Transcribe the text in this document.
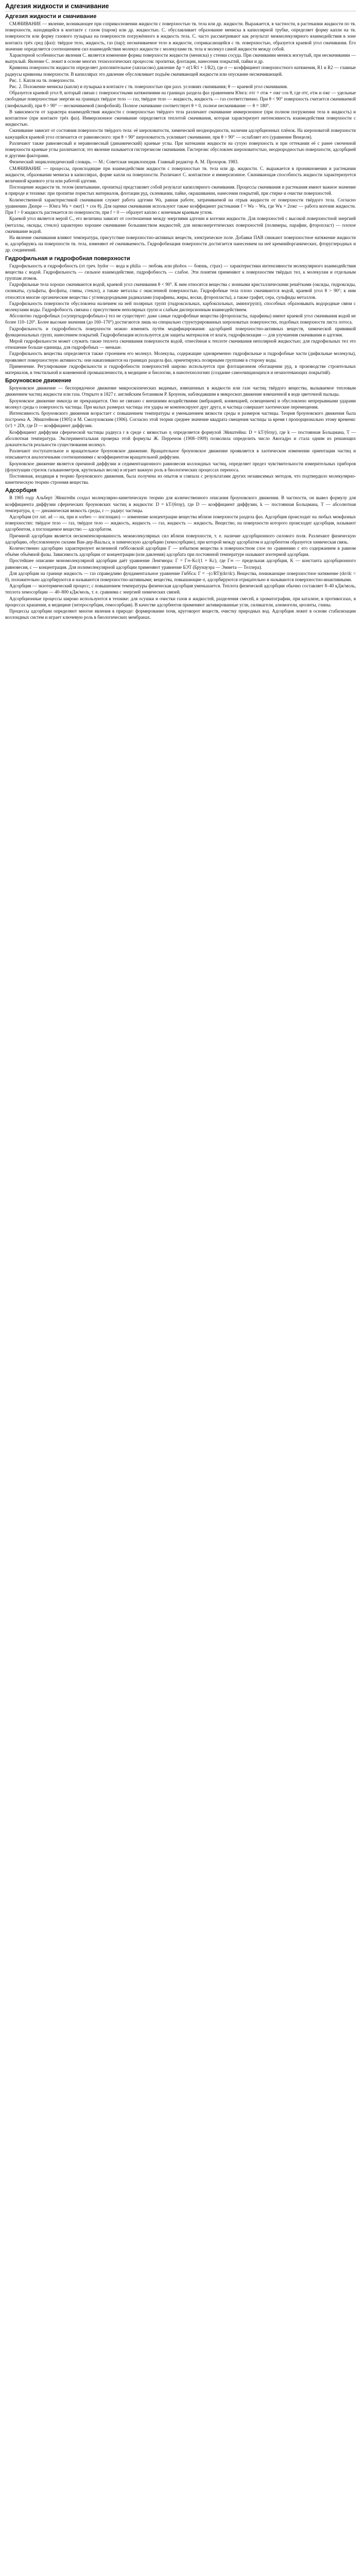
Адгезия жидкости и смачивание
Адгезия жидкости и смачивание

СМАЧИВАНИЕ — явление, возникающее при соприкосновении жидкости с поверхностью тв. тела или др. жидкости. Выражается, в частности, в растекании жидкости по тв. поверхности, находящейся в контакте с газом (паром) или др. жидкостью. С. обуславливает образование мениска в капиллярной трубке, определяет форму капли на тв. поверхности или форму газового пузырька на поверхности погружённого в жидкость тела. С. часто рассматривают как результат межмолекулярного взаимодействия в зоне контакта трёх сред (фаз): твёрдое тело, жидкость, газ (пар); несмачиваемое тело в жидкости, соприкасающейся с тв. поверхностью, образуется краевой угол смачивания. Его значение определяется соотношением сил взаимодействия молекул жидкости с молекулами тв. тела и молекул самой жидкости между собой.

Характерной особенностью явления С. является изменение формы поверхности жидкости (мениска) у стенки сосуда. При смачивании мениск вогнутый, при несмачивании — выпуклый. Явление С. лежит в основе многих технологических процессов: пропитки, флотации, нанесения покрытий, пайки и др.

Кривизна поверхности жидкости определяет дополнительное (лапласово) давление Δp = σ(1/R1 + 1/R2), где σ — коэффициент поверхностного натяжения, R1 и R2 — главные радиусы кривизны поверхности. В капиллярах это давление обусловливает подъём смачивающей жидкости или опускание несмачивающей.

Рис. 1. Капля на тв. поверхности.

Рис. 2. Положение мениска (капли) и пузырька в контакте с тв. поверхностью при разл. условиях смачивания; θ — краевой угол смачивания.

Образуется краевой угол θ, который связан с поверхностными натяжениями на границах раздела фаз уравнением Юнга: σтг = σтж + σжг·cos θ, где σтг, σтж и σжг — удельные свободные поверхностные энергии на границах твёрдое тело — газ, твёрдое тело — жидкость, жидкость — газ соответственно. При θ < 90° поверхность считается смачиваемой (лиофильной), при θ > 90° — несмачиваемой (лиофобной). Полное смачивание соответствует θ = 0, полное несмачивание — θ = 180°.

В зависимости от характера взаимодействия жидкости с поверхностью твёрдого тела различают смачивание иммерсионное (при полном погружении тела в жидкость) и контактное (при контакте трёх фаз). Иммерсионное смачивание определяется теплотой смачивания, которая характеризует интенсивность взаимодействия поверхности с жидкостью.

Смачивание зависит от состояния поверхности твёрдого тела: её шероховатости, химической неоднородности, наличия адсорбционных плёнок. На шероховатой поверхности кажущийся краевой угол отличается от равновесного: при θ < 90° шероховатость усиливает смачивание, при θ > 90° — ослабляет его (уравнение Венцеля).

Различают также равновесный и неравновесный (динамический) краевые углы. При натекании жидкости на сухую поверхность и при оттекании её с ранее смоченной поверхности краевые углы различаются; это явление называется гистерезисом смачивания. Гистерезис обусловлен шероховатостью, неоднородностью поверхности, адсорбцией и другими факторами.

Физический энциклопедический словарь. — М.: Советская энциклопедия. Главный редактор А. М. Прохоров. 1983.

СМАЧИВАНИЕ — процессы, происходящие при взаимодействии жидкости с поверхностью тв. тела или др. жидкости. С. выражается в проникновении и растекании жидкости, образовании мениска в капиллярах, форме капли на поверхности. Различают С. контактное и иммерсионное. Смачивающая способность жидкости характеризуется величиной краевого угла или работой адгезии.

Поглощение жидкости тв. телом (впитывание, пропитка) представляет собой результат капиллярного смачивания. Процессы смачивания и растекания имеют важное значение в природе и технике: при пропитке пористых материалов, флотации руд, склеивании, пайке, окрашивании, нанесении покрытий, при стирке и очистке поверхностей.

Количественной характеристикой смачивания служит работа адгезии Wa, равная работе, затрачиваемой на отрыв жидкости от поверхности твёрдого тела. Согласно уравнению Дюпре — Юнга Wa = σжг(1 + cos θ). Для оценки смачивания используют также коэффициент растекания f = Wa − Wк, где Wк = 2σжг — работа когезии жидкости. При f > 0 жидкость растекается по поверхности, при f < 0 — образует каплю с конечным краевым углом.

Краевой угол является мерой С., его величина зависит от соотношения между энергиями адгезии и когезии жидкости. Для поверхностей с высокой поверхностной энергией (металлы, оксиды, стекло) характерно хорошее смачивание большинством жидкостей; для низкоэнергетических поверхностей (полимеры, парафин, фторопласт) — плохое смачивание водой.

На явление смачивания влияют температура, присутствие поверхностно-активных веществ, электрическое поле. Добавки ПАВ снижают поверхностное натяжение жидкости и, адсорбируясь на поверхности тв. тела, изменяют её смачиваемость. Гидрофобизация поверхности достигается нанесением на неё кремнийорганических, фторуглеродных и др. соединений.

Гидрофильная и гидрофобная поверхности

Гидрофильность и гидрофобность (от греч. hydor — вода и philia — любовь или phobos — боязнь, страх) — характеристики интенсивности молекулярного взаимодействия вещества с водой. Гидрофильность — сильное взаимодействие, гидрофобность — слабое. Эти понятия применяют к поверхностям твёрдых тел, к молекулам и отдельным группам атомов.

Гидрофильные тела хорошо смачиваются водой, краевой угол смачивания θ < 90°. К ним относятся вещества с ионными кристаллическими решётками (оксиды, гидроксиды, силикаты, сульфаты, фосфаты, глины, стекло), а также металлы с окисленной поверхностью. Гидрофобные тела плохо смачиваются водой, краевой угол θ > 90°; к ним относятся многие органические вещества с углеводородными радикалами (парафины, жиры, воски, фторопласты), а также графит, сера, сульфиды металлов.

Гидрофильность поверхности обусловлена наличием на ней полярных групп (гидроксильных, карбоксильных, аминогрупп), способных образовывать водородные связи с молекулами воды. Гидрофобность связана с присутствием неполярных групп и слабым дисперсионным взаимодействием.

Абсолютно гидрофобных («супергидрофобных») тел не существует: даже самые гидрофобные вещества (фторопласты, парафины) имеют краевой угол смачивания водой не более 110–120°. Более высокие значения (до 160–170°) достигаются лишь на специально структурированных шероховатых поверхностях, подобных поверхности листа лотоса.

Гидрофильность и гидрофобность поверхности можно изменять путём модифицирования: адсорбцией поверхностно-активных веществ, химической прививкой функциональных групп, нанесением покрытий. Гидрофобизация используется для защиты материалов от влаги, гидрофилизация — для улучшения смачивания и адгезии.

Мерой гидрофильности может служить также теплота смачивания поверхности водой, отнесённая к теплоте смачивания неполярной жидкостью; для гидрофильных тел это отношение больше единицы, для гидрофобных — меньше.

Гидрофильность вещества определяется также строением его молекул. Молекулы, содержащие одновременно гидрофильные и гидрофобные части (дифильные молекулы), проявляют поверхностную активность: они накапливаются на границах раздела фаз, ориентируясь полярными группами в сторону воды.

Применение. Регулирование гидрофильности и гидрофобности поверхностей широко используется при флотационном обогащении руд, в производстве строительных материалов, в текстильной и кожевенной промышленности, в медицине и биологии, в нанотехнологиях (создание самоочищающихся и незапотевающих покрытий).

Броуновское движение

Броуновское движение — беспорядочное движение микроскопических видимых, взвешенных в жидкости или газе частиц твёрдого вещества, вызываемое тепловым движением частиц жидкости или газа. Открыто в 1827 г. английским ботаником Р. Броуном, наблюдавшим в микроскоп движение взвешенной в воде цветочной пыльцы.

Броуновское движение никогда не прекращается. Оно не связано с внешними воздействиями (вибрацией, конвекцией, освещением) и обусловлено непрерывными ударами молекул среды о поверхность частицы. При малых размерах частицы эти удары не компенсируют друг друга, и частица совершает хаотические перемещения.

Интенсивность броуновского движения возрастает с повышением температуры и уменьшением вязкости среды и размеров частицы. Теория броуновского движения была построена А. Эйнштейном (1905) и М. Смолуховским (1906). Согласно этой теории среднее значение квадрата смещения частицы за время t пропорционально этому времени: ⟨x²⟩ = 2Dt, где D — коэффициент диффузии.

Коэффициент диффузии сферической частицы радиуса r в среде с вязкостью η определяется формулой Эйнштейна: D = kT/(6πηr), где k — постоянная Больцмана, T — абсолютная температура. Экспериментальная проверка этой формулы Ж. Перреном (1908–1909) позволила определить число Авогадро и стала одним из решающих доказательств реальности существования молекул.

Различают поступательное и вращательное броуновское движение. Вращательное броуновское движение проявляется в хаотическом изменении ориентации частиц и описывается аналогичными соотношениями с коэффициентом вращательной диффузии.

Броуновское движение является причиной диффузии и седиментационного равновесия коллоидных частиц, определяет предел чувствительности измерительных приборов (флуктуации стрелок гальванометров, крутильных весов) и играет важную роль в биологических процессах переноса.

Постоянная, входящая в теорию броуновского движения, была получена из опытов и совпала с результатами других независимых методов, что подтвердило молекулярно-кинетическую теорию строения вещества.

Адсорбция

В 1905 году Альберт Эйнштейн создал молекулярно-кинетическую теорию для количественного описания броуновского движения. В частности, он вывел формулу для коэффициента диффузии сферических броуновских частиц в жидкости: D = kT/(6πηr), где D — коэффициент диффузии, k — постоянная Больцмана, T — абсолютная температура, η — динамическая вязкость среды, r — радиус частицы.

Адсорбция (от лат. ad — на, при и sorbeo — поглощаю) — изменение концентрации вещества вблизи поверхности раздела фаз. Адсорбция происходит на любых межфазных поверхностях: твёрдое тело — газ, твёрдое тело — жидкость, жидкость — газ, жидкость — жидкость. Вещество, на поверхности которого происходит адсорбция, называют адсорбентом, а поглощаемое вещество — адсорбатом.

Причиной адсорбции является нескомпенсированность межмолекулярных сил вблизи поверхности, т. е. наличие адсорбционного силового поля. Различают физическую адсорбцию, обусловленную силами Ван-дер-Ваальса, и химическую адсорбцию (хемосорбцию), при которой между адсорбатом и адсорбентом образуется химическая связь.

Количественно адсорбцию характеризуют величиной гиббсовской адсорбции Γ — избытком вещества в поверхностном слое по сравнению с его содержанием в равном объёме объёмной фазы. Зависимость адсорбции от концентрации (или давления) адсорбата при постоянной температуре называют изотермой адсорбции.

Простейшее описание мономолекулярной адсорбции даёт уравнение Ленгмюра: Γ = Γ∞·Kc/(1 + Kc), где Γ∞ — предельная адсорбция, K — константа адсорбционного равновесия, c — концентрация. Для полимолекулярной адсорбции применяют уравнение БЭТ (Брунауэра — Эммета — Теллера).

Для адсорбции на границе жидкость — газ справедливо фундаментальное уравнение Гиббса: Γ = −(c/RT)(dσ/dc). Вещества, понижающие поверхностное натяжение (dσ/dc < 0), положительно адсорбируются и называются поверхностно-активными; вещества, повышающие σ, адсорбируются отрицательно и называются поверхностно-инактивными.

Адсорбция — экзотермический процесс; с повышением температуры физическая адсорбция уменьшается. Теплота физической адсорбции обычно составляет 8–40 кДж/моль, теплота хемосорбции — 40–800 кДж/моль, т. е. сравнима с энергией химических связей.

Адсорбционные процессы широко используются в технике: для осушки и очистки газов и жидкостей, разделения смесей, в хроматографии, при катализе, в противогазах, в процессах крашения, в медицине (энтеросорбция, гемосорбция). В качестве адсорбентов применяют активированные угли, силикагели, алюмогели, цеолиты, глины.

Процессы адсорбции определяют многие явления в природе: формирование почв, круговорот веществ, очистку природных вод. Адсорбция лежит в основе стабилизации коллоидных систем и играет ключевую роль в биологических мембранах.
